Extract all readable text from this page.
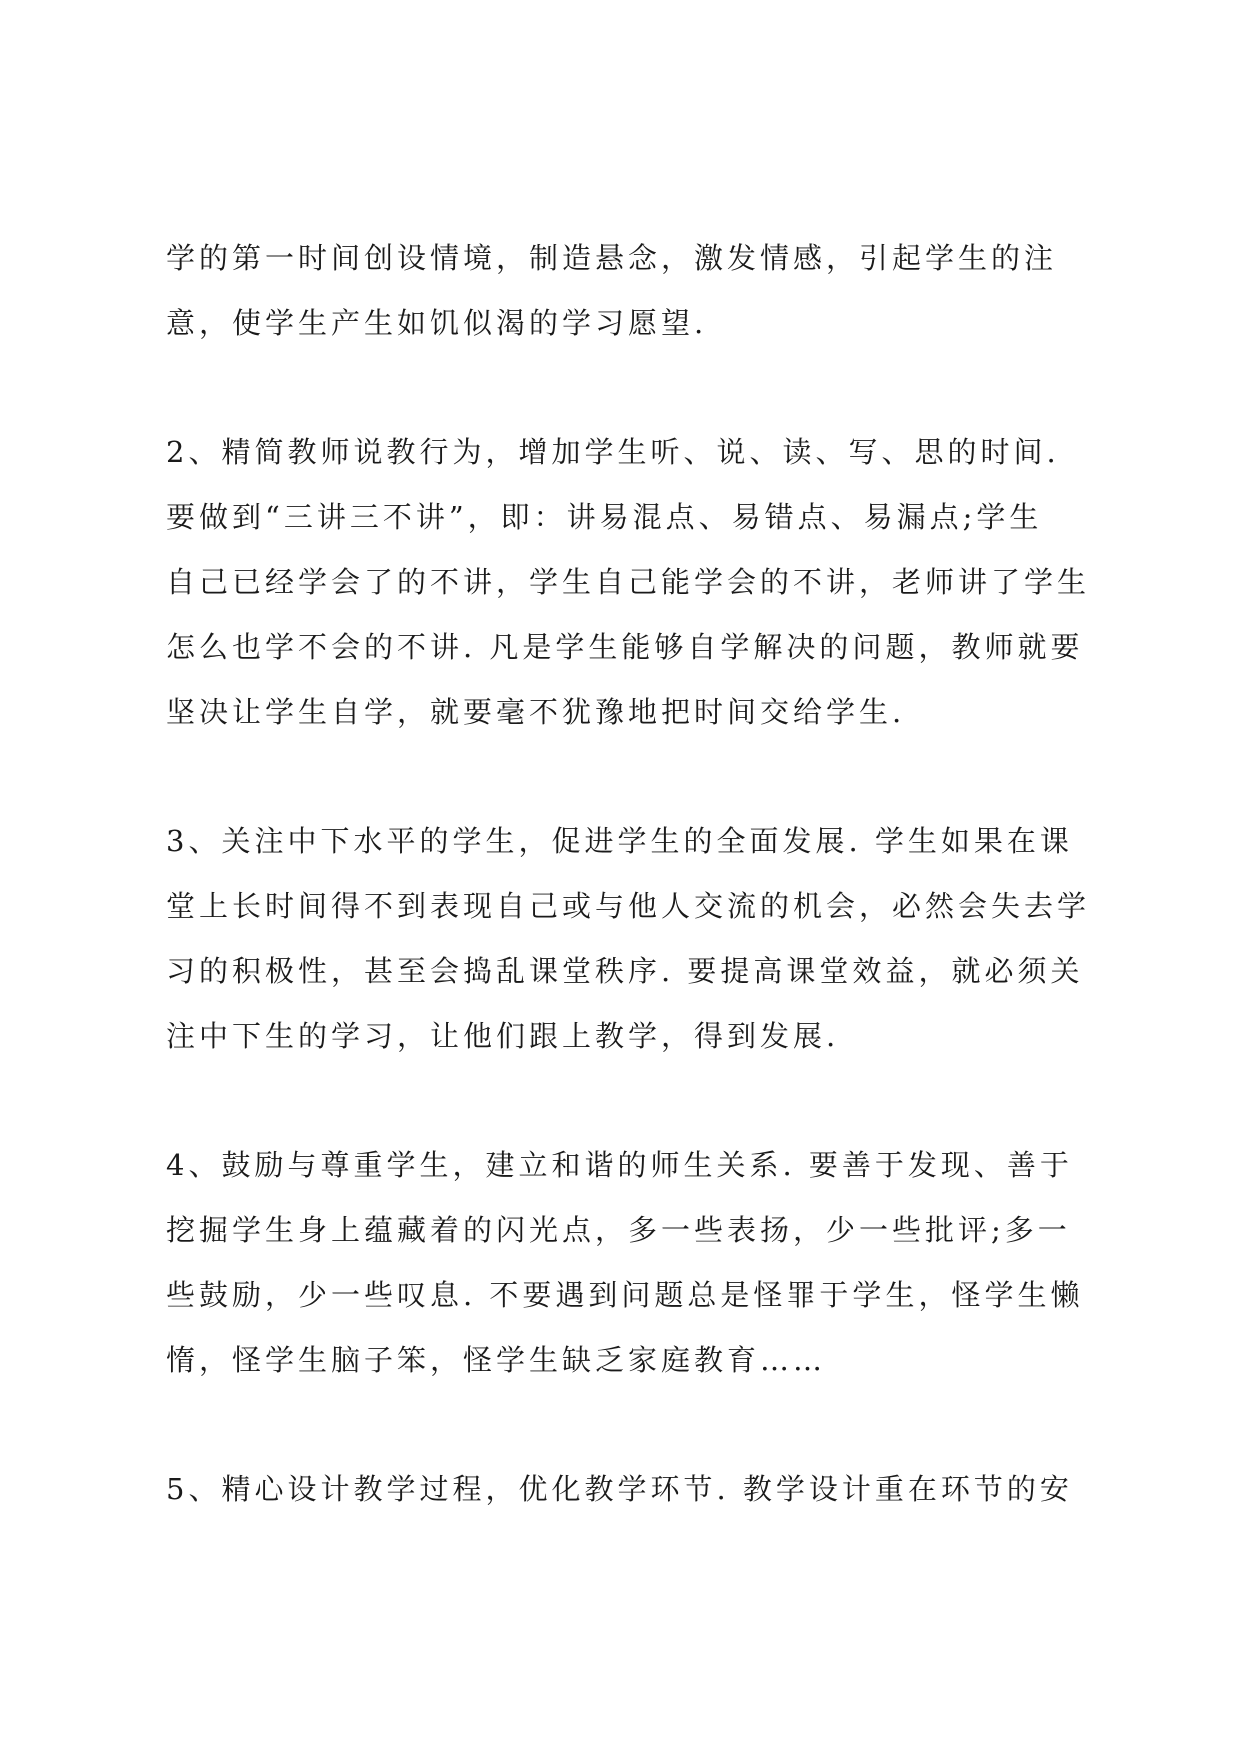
学的第一时间创设情境，制造悬念，激发情感，引起学生的注
意，使学生产生如饥似渴的学习愿望.
2、精简教师说教行为，增加学生听、说、读、写、思的时间.
要做到“三讲三不讲”，即：讲易混点、易错点、易漏点;学生
自己已经学会了的不讲，学生自己能学会的不讲，老师讲了学生
怎么也学不会的不讲. 凡是学生能够自学解决的问题，教师就要
坚决让学生自学，就要毫不犹豫地把时间交给学生.
3、关注中下水平的学生，促进学生的全面发展. 学生如果在课
堂上长时间得不到表现自己或与他人交流的机会，必然会失去学
习的积极性，甚至会捣乱课堂秩序. 要提高课堂效益，就必须关
注中下生的学习，让他们跟上教学，得到发展.
4、鼓励与尊重学生，建立和谐的师生关系. 要善于发现、善于
挖掘学生身上蕴藏着的闪光点，多一些表扬，少一些批评;多一
些鼓励，少一些叹息. 不要遇到问题总是怪罪于学生，怪学生懒
惰，怪学生脑子笨，怪学生缺乏家庭教育……
5、精心设计教学过程，优化教学环节. 教学设计重在环节的安
